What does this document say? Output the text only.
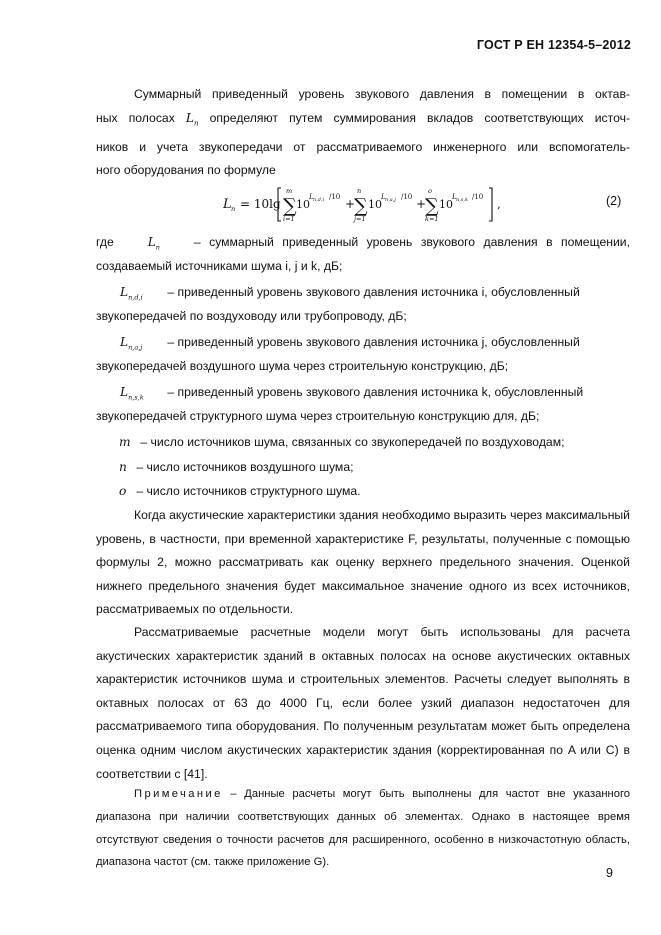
ГОСТ Р ЕН 12354-5–2012

Суммарный приведенный уровень звукового давления в помещении в октав-

ных полосах $L_n$ определяют путем суммирования вкладов соответствующих источ-

ников и учета звукопередачи от рассматриваемого инженерного или вспомогатель-

ного оборудования по формуле

L n = 10lg ∑
m
i=1
10
L n,d,i /10 +
∑
n
j=1
10
L n,a,j /10 +
∑
o
k=1
10
L n,s,k /10 ,	(2)
где	$L_n$	– суммарный приведенный уровень звукового давления в помещении,
создаваемый источниками шума i, j и k, дБ;
$L_{n,d,i}$ – приведенный уровень звукового давления источника i, обусловленный
звукопередачей по воздуховоду или трубопроводу, дБ;
$L_{n,a,j}$ – приведенный уровень звукового давления источника j, обусловленный
звукопередачей воздушного шума через строительную конструкцию, дБ;
$L_{n,s,k}$ – приведенный уровень звукового давления источника k, обусловленный
звукопередачей структурного шума через строительную конструкцию для, дБ;
m – число источников шума, связанных со звукопередачей по воздуховодам;
n – число источников воздушного шума;
o – число источников структурного шума.

Когда акустические характеристики здания необходимо выразить через максимальный уровень, в частности, при временной характеристике F, результаты, полученные с помощью формулы 2, можно рассматривать как оценку верхнего предельного значения. Оценкой нижнего предельного значения будет максимальное значение одного из всех источников, рассматриваемых по отдельности.

Рассматриваемые расчетные модели могут быть использованы для расчета акустических характеристик зданий в октавных полосах на основе акустических октавных характеристик источников шума и строительных элементов. Расчеты следует выполнять в октавных полосах от 63 до 4000 Гц, если более узкий диапазон недостаточен для рассматриваемого типа оборудования. По полученным результатам может быть определена оценка одним числом акустических характеристик здания (корректированная по A или C) в соответствии с [41].

Примечание – Данные расчеты могут быть выполнены для частот вне указанного диапазона при наличии соответствующих данных об элементах. Однако в настоящее время отсутствуют сведения о точности расчетов для расширенного, особенно в низкочастотную область, диапазона частот (см. также приложение G).

9
